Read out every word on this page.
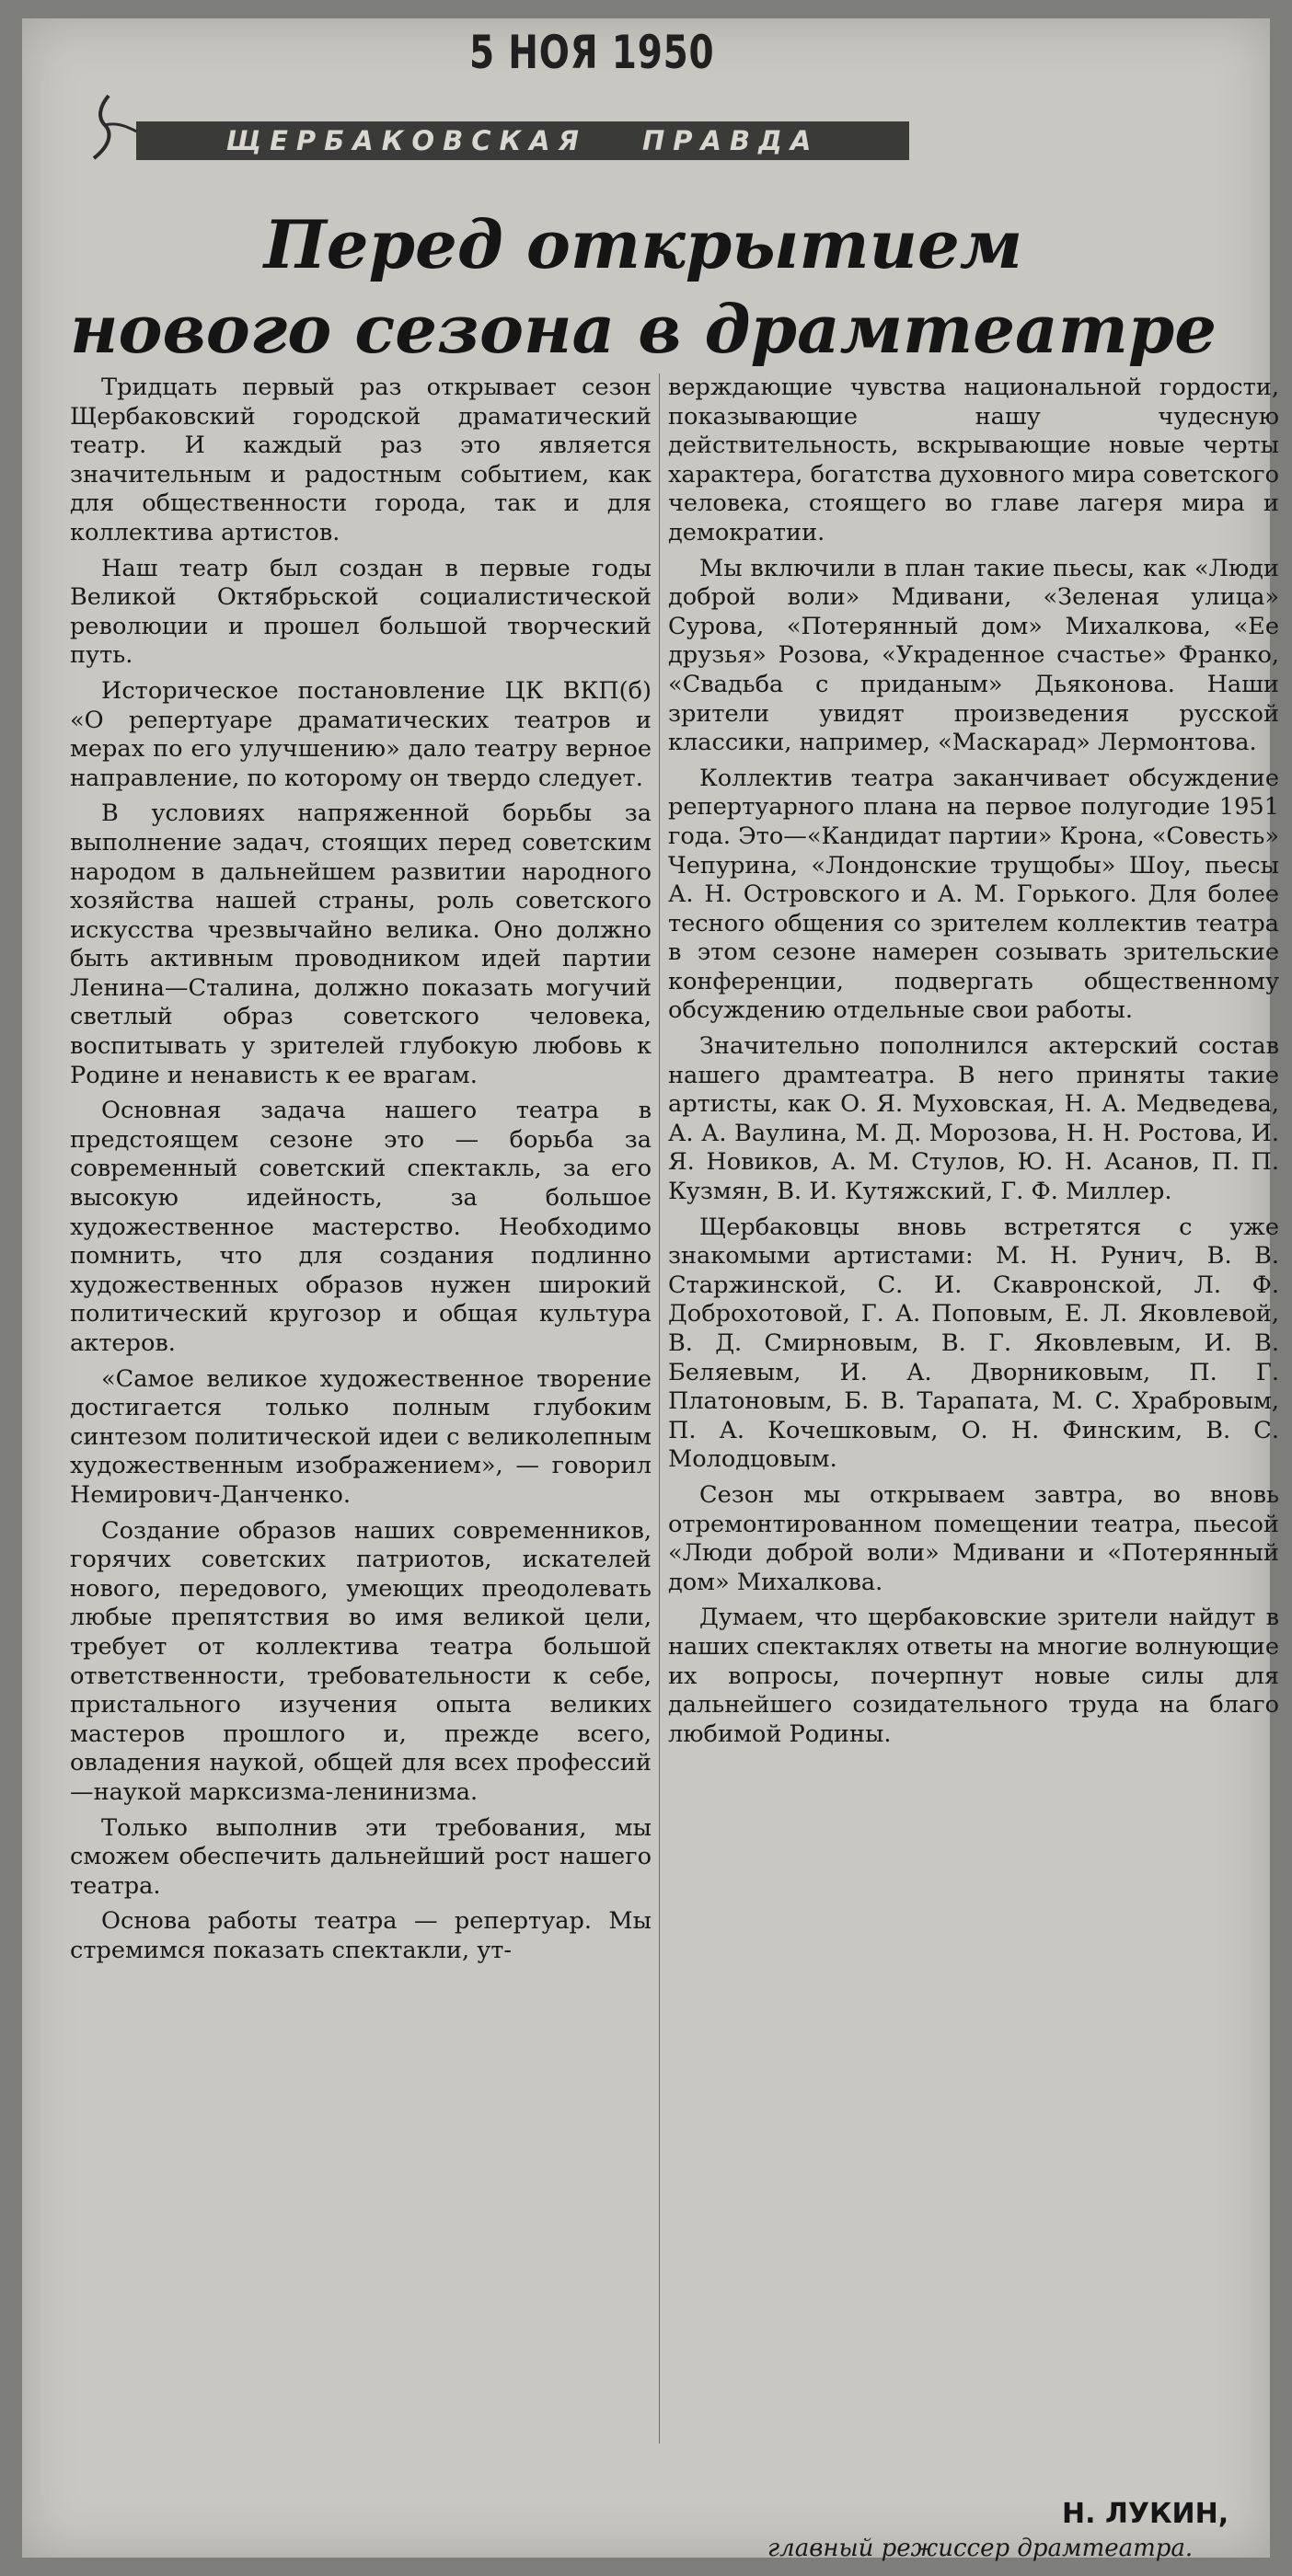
5 НОЯ 1950
ЩЕРБАКОВСКАЯ ПРАВДА
Перед открытием
нового сезона в драмтеатре

Тридцать первый раз открывает сезон Щербаковский городской драматический театр. И каждый раз это является значительным и радостным событием, как для общественности города, так и для коллектива артистов.

Наш театр был создан в первые годы Великой Октябрьской социалистической революции и прошел большой творческий путь.

Историческое постановление ЦК ВКП(б) «О репертуаре драматических театров и мерах по его улучшению» дало театру верное направление, по которому он твердо следует.

В условиях напряженной борьбы за выполнение задач, стоящих перед советским народом в дальнейшем развитии народного хозяйства нашей страны, роль советского искусства чрезвычайно велика. Оно должно быть активным проводником идей партии Ленина—Сталина, должно показать могучий светлый образ советского человека, воспитывать у зрителей глубокую любовь к Родине и ненависть к ее врагам.

Основная задача нашего театра в предстоящем сезоне это — борьба за современный советский спектакль, за его высокую идейность, за большое художественное мастерство. Необходимо помнить, что для создания подлинно художественных образов нужен широкий политический кругозор и общая культура актеров.

«Самое великое художественное творение достигается только полным глубоким синтезом политической идеи с великолепным художественным изображением», — говорил Немирович-Данченко.

Создание образов наших современников, горячих советских патриотов, искателей нового, передового, умеющих преодолевать любые препятствия во имя великой цели, требует от коллектива театра большой ответственности, требовательности к себе, пристального изучения опыта великих мастеров прошлого и, прежде всего, овладения наукой, общей для всех профессий—наукой марксизма-ленинизма.

Только выполнив эти требования, мы сможем обеспечить дальнейший рост нашего театра.

Основа работы театра — репертуар. Мы стремимся показать спектакли, ут-

верждающие чувства национальной гордости, показывающие нашу чудесную действительность, вскрывающие новые черты характера, богатства духовного мира советского человека, стоящего во главе лагеря мира и демократии.

Мы включили в план такие пьесы, как «Люди доброй воли» Мдивани, «Зеленая улица» Сурова, «Потерянный дом» Михалкова, «Ее друзья» Розова, «Украденное счастье» Франко, «Свадьба с приданым» Дьяконова. Наши зрители увидят произведения русской классики, например, «Маскарад» Лермонтова.

Коллектив театра заканчивает обсуждение репертуарного плана на первое полугодие 1951 года. Это—«Кандидат партии» Крона, «Совесть» Чепурина, «Лондонские трущобы» Шоу, пьесы А. Н. Островского и А. М. Горького. Для более тесного общения со зрителем коллектив театра в этом сезоне намерен созывать зрительские конференции, подвергать общественному обсуждению отдельные свои работы.

Значительно пополнился актерский состав нашего драмтеатра. В него приняты такие артисты, как О. Я. Муховская, Н. А. Медведева, А. А. Ваулина, М. Д. Морозова, Н. Н. Ростова, И. Я. Новиков, А. М. Стулов, Ю. Н. Асанов, П. П. Кузмян, В. И. Кутяжский, Г. Ф. Миллер.

Щербаковцы вновь встретятся с уже знакомыми артистами: М. Н. Рунич, В. В. Старжинской, С. И. Скавронской, Л. Ф. Доброхотовой, Г. А. Поповым, Е. Л. Яковлевой, В. Д. Смирновым, В. Г. Яковлевым, И. В. Беляевым, И. А. Дворниковым, П. Г. Платоновым, Б. В. Тарапата, М. С. Храбровым, П. А. Кочешковым, О. Н. Финским, В. С. Молодцовым.

Сезон мы открываем завтра, во вновь отремонтированном помещении театра, пьесой «Люди доброй воли» Мдивани и «Потерянный дом» Михалкова.

Думаем, что щербаковские зрители найдут в наших спектаклях ответы на многие волнующие их вопросы, почерпнут новые силы для дальнейшего созидательного труда на благо любимой Родины.

Н. ЛУКИН,
главный режиссер драмтеатра.
